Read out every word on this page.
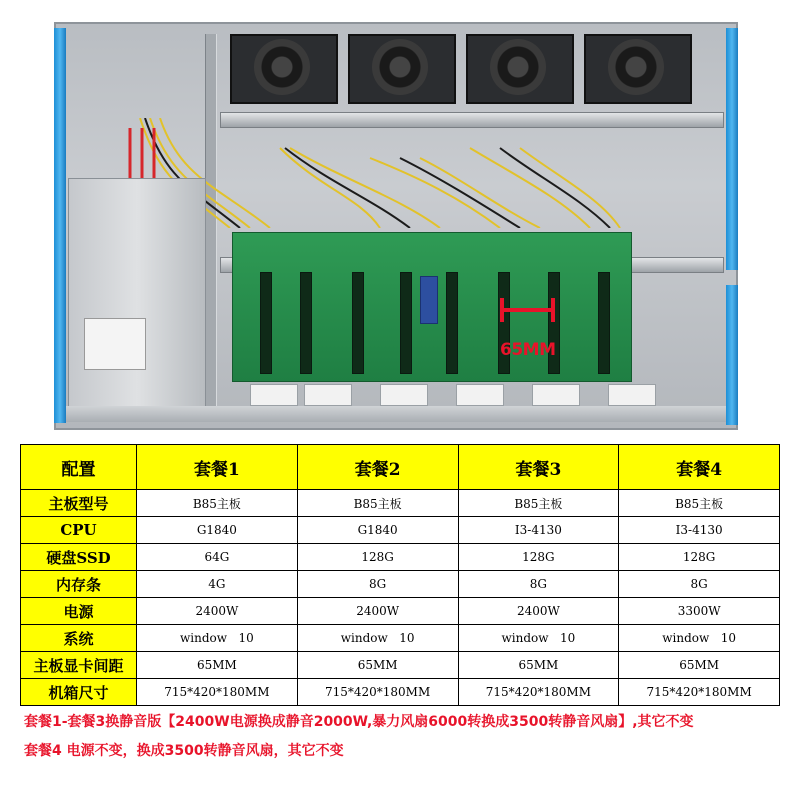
65MM
配置	套餐1	套餐2	套餐3	套餐4
主板型号	B85主板	B85主板	B85主板	B85主板
CPU	G1840	G1840	I3-4130	I3-4130
硬盘SSD	64G	128G	128G	128G
内存条	4G	8G	8G	8G
电源	2400W	2400W	2400W	3300W
系统	window   10	window   10	window   10	window   10
主板显卡间距	65MM	65MM	65MM	65MM
机箱尺寸	715*420*180MM	715*420*180MM	715*420*180MM	715*420*180MM
套餐1-套餐3换静音版【2400W电源换成静音2000W,暴力风扇6000转换成3500转静音风扇】,其它不变
套餐4 电源不变，换成3500转静音风扇，其它不变
